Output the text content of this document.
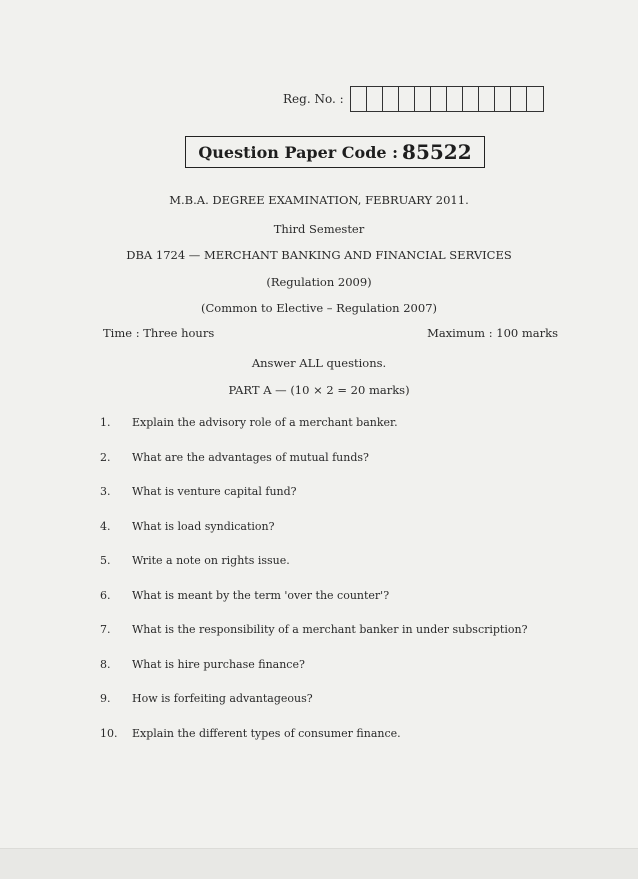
Reg. No. :
Question Paper Code : 85522
M.B.A. DEGREE EXAMINATION, FEBRUARY 2011.
Third Semester
DBA 1724 — MERCHANT BANKING AND FINANCIAL SERVICES
(Regulation 2009)
(Common to Elective – Regulation 2007)
Time : Three hours	Maximum : 100 marks
Answer ALL questions.
PART A — (10 × 2 = 20 marks)
1.	Explain the advisory role of a merchant banker.
2.	What are the advantages of mutual funds?
3.	What is venture capital fund?
4.	What is load syndication?
5.	Write a note on rights issue.
6.	What is meant by the term 'over the counter'?
7.	What is the responsibility of a merchant banker in under subscription?
8.	What is hire purchase finance?
9.	How is forfeiting advantageous?
10.	Explain the different types of consumer finance.
